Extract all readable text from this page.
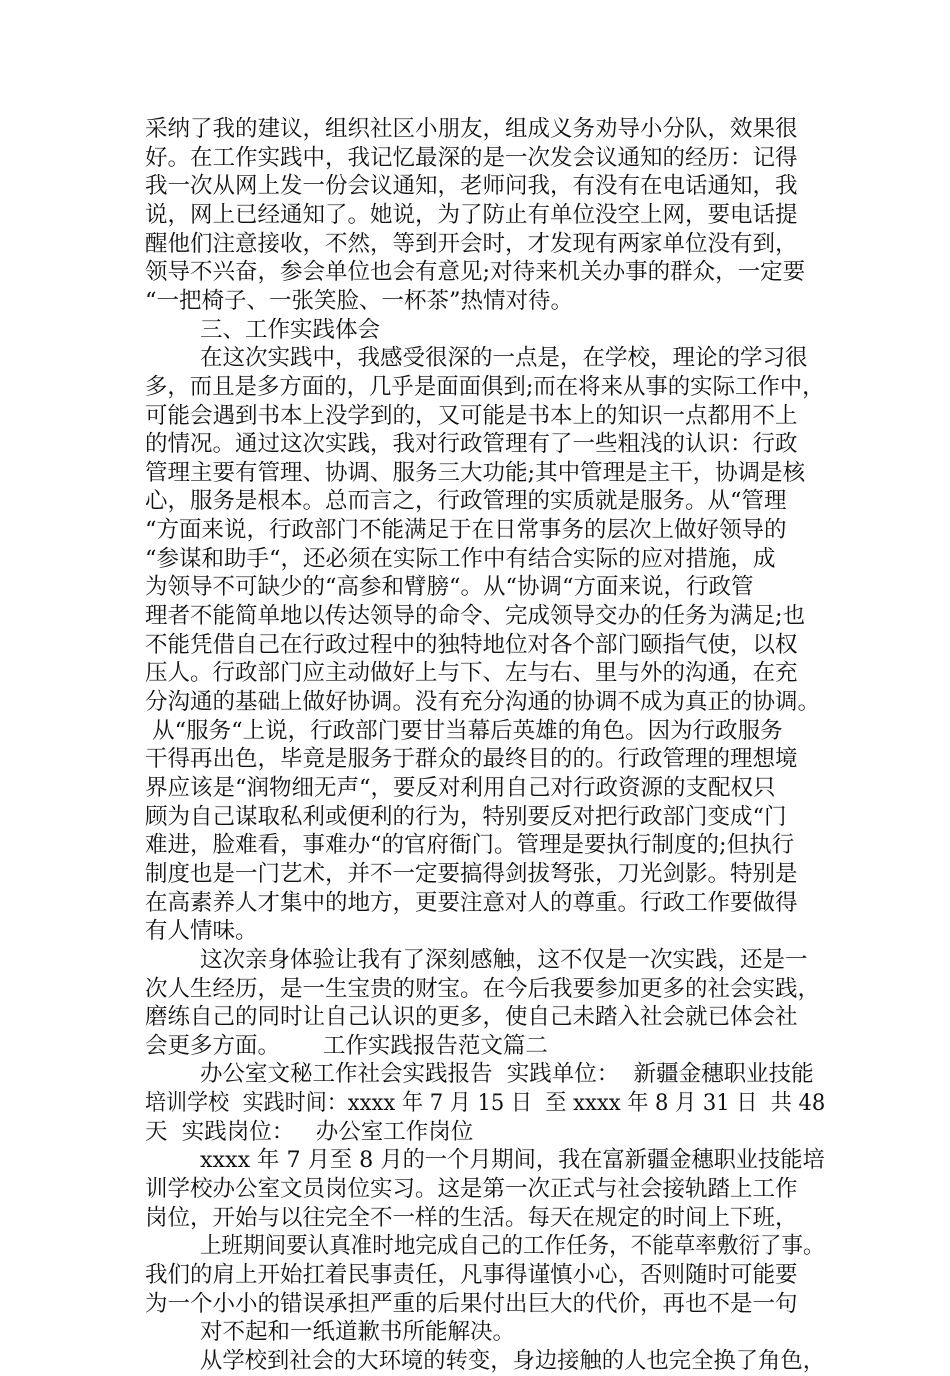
采纳了我的建议，组织社区小朋友，组成义务劝导小分队，效果很
好。在工作实践中，我记忆最深的是一次发会议通知的经历：记得
我一次从网上发一份会议通知，老师问我，有没有在电话通知，我
说，网上已经通知了。她说，为了防止有单位没空上网，要电话提
醒他们注意接收，不然，等到开会时，才发现有两家单位没有到，
领导不兴奋，参会单位也会有意见;对待来机关办事的群众，一定要
“一把椅子、一张笑脸、一杯茶”热情对待。
三、工作实践体会
在这次实践中，我感受很深的一点是，在学校，理论的学习很
多，而且是多方面的，几乎是面面俱到;而在将来从事的实际工作中，
可能会遇到书本上没学到的，又可能是书本上的知识一点都用不上
的情况。通过这次实践，我对行政管理有了一些粗浅的认识：行政
管理主要有管理、协调、服务三大功能;其中管理是主干，协调是核
心，服务是根本。总而言之，行政管理的实质就是服务。从“管理
“方面来说，行政部门不能满足于在日常事务的层次上做好领导的
“参谋和助手“，还必须在实际工作中有结合实际的应对措施，成
为领导不可缺少的“高参和臂膀“。从“协调“方面来说，行政管
理者不能简单地以传达领导的命令、完成领导交办的任务为满足;也
不能凭借自己在行政过程中的独特地位对各个部门颐指气使，以权
压人。行政部门应主动做好上与下、左与右、里与外的沟通，在充
分沟通的基础上做好协调。没有充分沟通的协调不成为真正的协调。
从“服务“上说，行政部门要甘当幕后英雄的角色。因为行政服务
干得再出色，毕竟是服务于群众的最终目的的。行政管理的理想境
界应该是“润物细无声“，要反对利用自己对行政资源的支配权只
顾为自己谋取私利或便利的行为，特别要反对把行政部门变成“门
难进，脸难看，事难办“的官府衙门。管理是要执行制度的;但执行
制度也是一门艺术，并不一定要搞得剑拔弩张，刀光剑影。特别是
在高素养人才集中的地方，更要注意对人的尊重。行政工作要做得
有人情味。
这次亲身体验让我有了深刻感触，这不仅是一次实践，还是一
次人生经历，是一生宝贵的财宝。在今后我要参加更多的社会实践，
磨练自己的同时让自己认识的更多，使自己未踏入社会就已体会社
会更多方面。      工作实践报告范文篇二
办公室文秘工作社会实践报告  实践单位：  新疆金穗职业技能
培训学校  实践时间：xxxx 年 7 月 15 日  至 xxxx 年 8 月 31 日  共 48
天  实践岗位：   办公室工作岗位
xxxx 年 7 月至 8 月的一个月期间，我在富新疆金穗职业技能培
训学校办公室文员岗位实习。这是第一次正式与社会接轨踏上工作
岗位，开始与以往完全不一样的生活。每天在规定的时间上下班，
上班期间要认真准时地完成自己的工作任务，不能草率敷衍了事。
我们的肩上开始扛着民事责任，凡事得谨慎小心，否则随时可能要
为一个小小的错误承担严重的后果付出巨大的代价，再也不是一句
对不起和一纸道歉书所能解决。
从学校到社会的大环境的转变，身边接触的人也完全换了角色，
